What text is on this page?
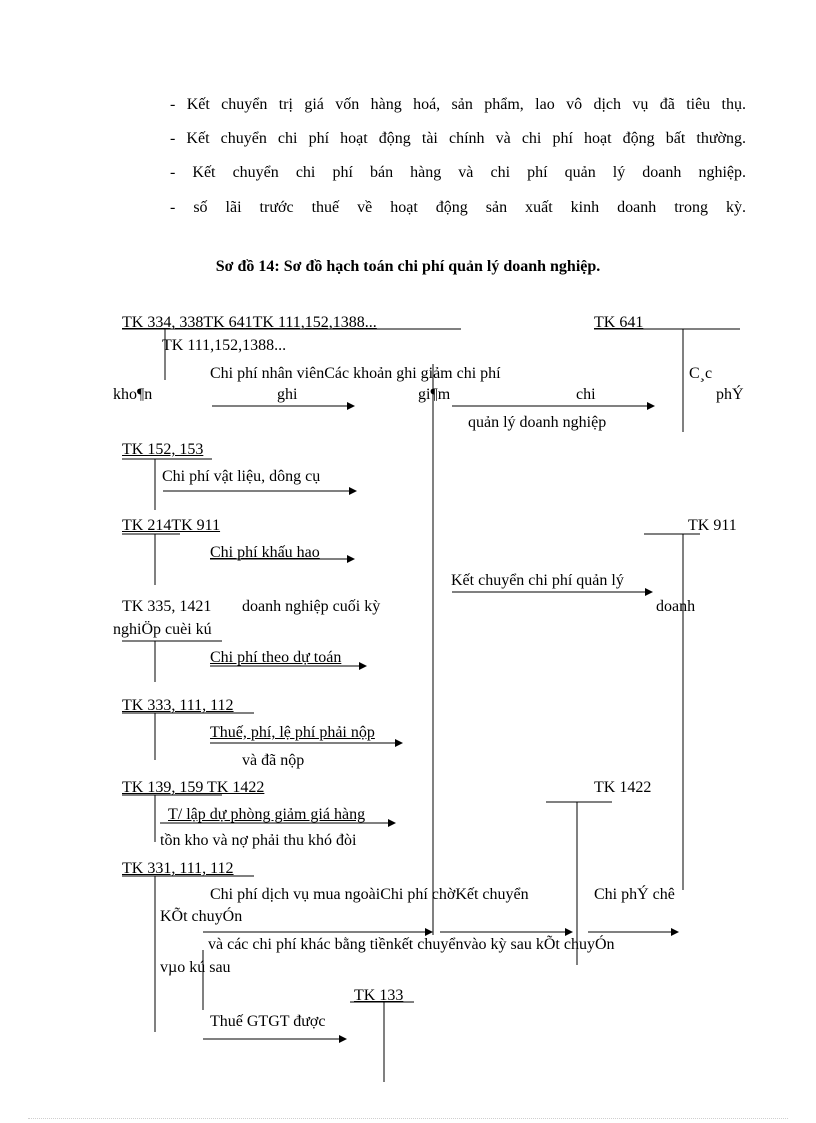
- Kết chuyển trị giá vốn hàng hoá, sản phẩm, lao vô dịch vụ đã tiêu thụ.
- Kết chuyển chi phí hoạt động tài chính và chi phí hoạt động bất thường.
- Kết chuyển chi phí bán hàng và chi phí quản lý doanh nghiệp.
- số lãi trước thuế về hoạt động sản xuất kinh doanh trong kỳ.
Sơ đồ 14: Sơ đồ hạch toán chi phí quản lý doanh nghiệp.
TK 334, 338TK 641TK 111,152,1388...
TK 111,152,1388...
TK 641
Chi phí nhân viênCác khoản ghi giảm chi phí	C¸c
kho¶n	ghi	gi¶m	chi	phÝ
quản lý doanh nghiệp
TK 152, 153
Chi phí vật liệu, dông cụ
TK 214TK 911	TK 911
Chi phí khấu hao
Kết chuyển chi phí quản lý
TK 335, 1421 doanh nghiệp cuối kỳ	doanh
nghiÖp cuèi kú
Chi phí theo dự toán
TK 333, 111, 112
Thuế, phí, lệ phí phải nộp
và đã nộp
TK 139, 159 TK 1422	TK 1422
T/ lập dự phòng giảm giá hàng
tồn kho và nợ phải thu khó đòi
TK 331, 111, 112
Chi phí dịch vụ mua ngoàiChi phí chờKết chuyển	Chi phÝ chê
KÕt chuyÓn
và các chi phí khác bằng tiềnkết chuyểnvào kỳ sau kÕt chuyÓn
vµo kú sau
TK 133
Thuế GTGT được
